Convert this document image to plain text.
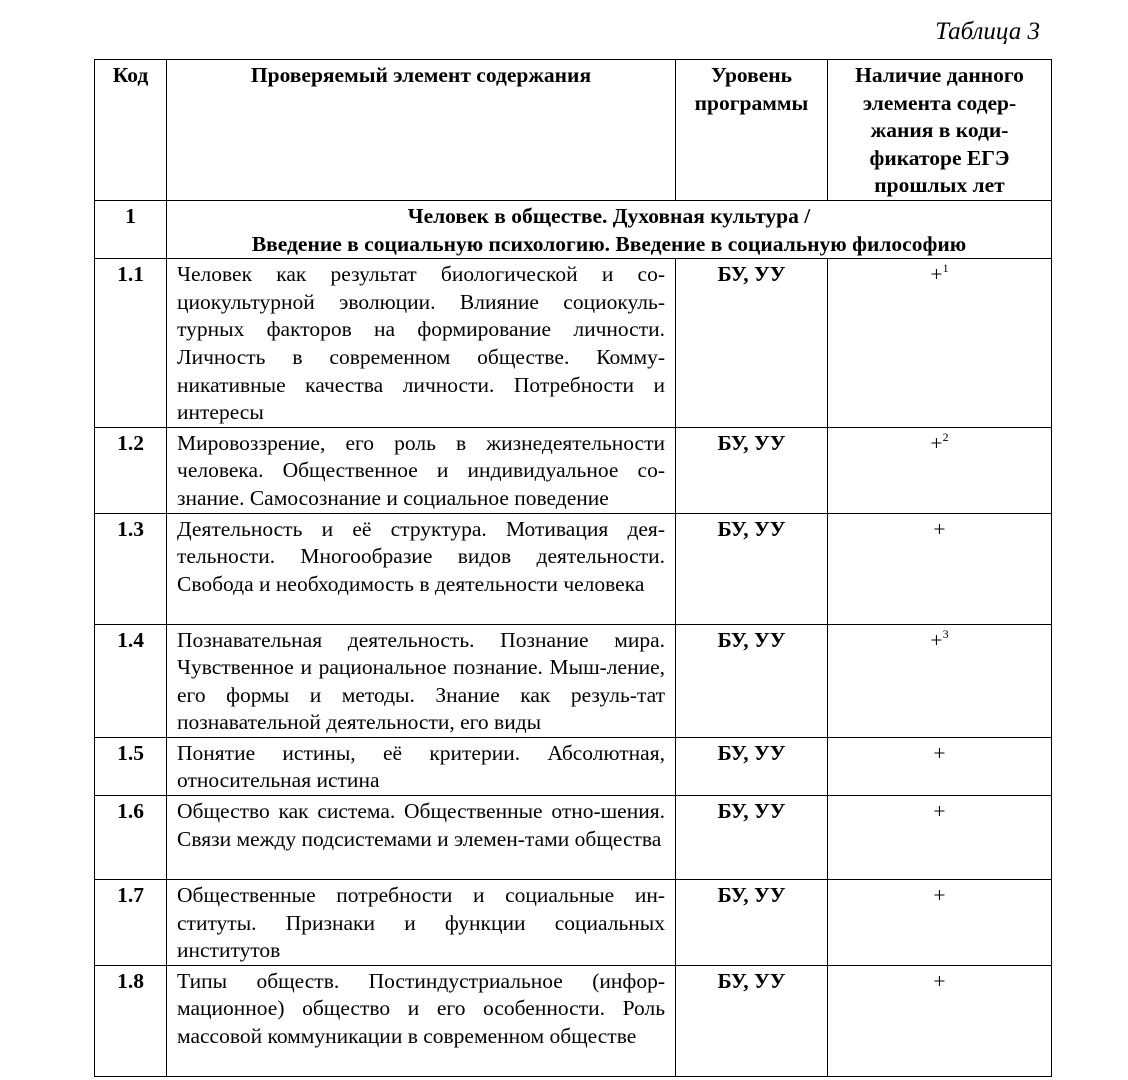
Таблица 3
Код	Проверяемый элемент содержания	Уровень программы	Наличие данного элемента содер-жания в коди-фикаторе ЕГЭ прошлых лет
1	Человек в обществе. Духовная культура /
Введение в социальную психологию. Введение в социальную философию		

1.1	Человек как результат биологической и со-циокультурной эволюции. Влияние социокуль-турных факторов на формирование личности. Личность в современном обществе. Комму-никативные качества личности. Потребности и интересы	БУ, УУ	+$^1$
1.2	Мировоззрение, его роль в жизнедеятельности человека. Общественное и индивидуальное со-знание. Самосознание и социальное поведение	БУ, УУ	+$^2$
1.3	Деятельность и её структура. Мотивация дея-тельности. Многообразие видов деятельности. Свобода и необходимость в деятельности человека	БУ, УУ	+
1.4	Познавательная деятельность. Познание мира. Чувственное и рациональное познание. Мыш-ление, его формы и методы. Знание как резуль-тат познавательной деятельности, его виды	БУ, УУ	+$^3$
1.5	Понятие истины, её критерии. Абсолютная, относительная истина	БУ, УУ	+
1.6	Общество как система. Общественные отно-шения. Связи между подсистемами и элемен-тами общества	БУ, УУ	+
1.7	Общественные потребности и социальные ин-ституты. Признаки и функции социальных институтов	БУ, УУ	+
1.8	Типы обществ. Постиндустриальное (инфор-мационное) общество и его особенности. Роль массовой коммуникации в современном обществе	БУ, УУ	+
